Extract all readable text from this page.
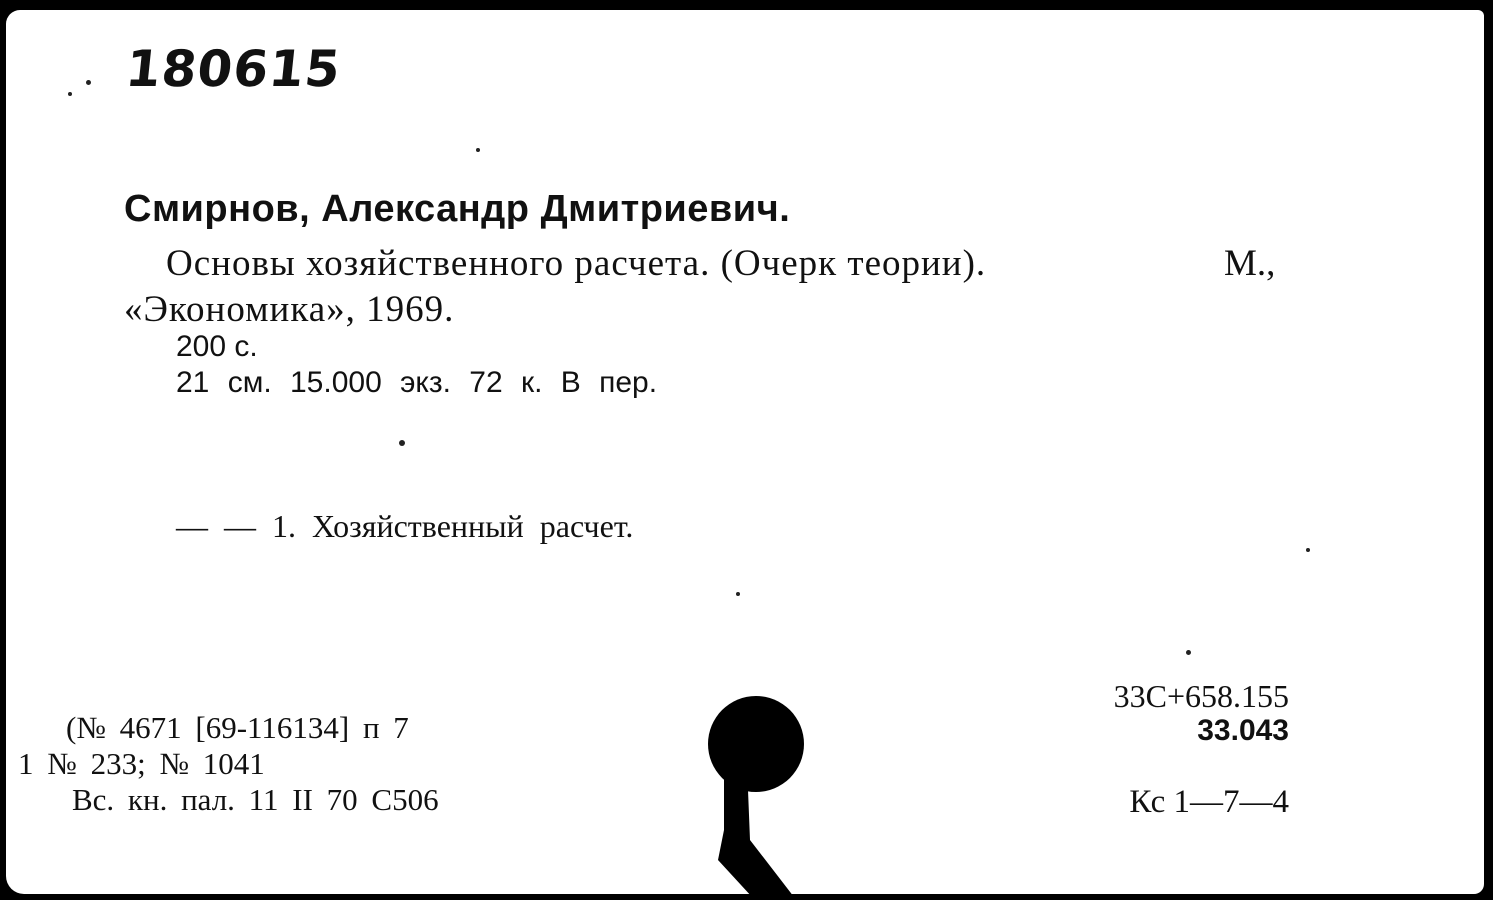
180615
Смирнов, Александр Дмитриевич.
Основы хозяйственного расчета. (Очерк теории).	М.,
«Экономика», 1969.
200 с.
21 см. 15.000 экз. 72 к. В пер.
— — 1. Хозяйственный расчет.
33С+658.155
33.043
Кс 1—7—4
(№ 4671 [69-116134] п 7
1 № 233; № 1041
Вс. кн. пал. 11 II 70 С506
